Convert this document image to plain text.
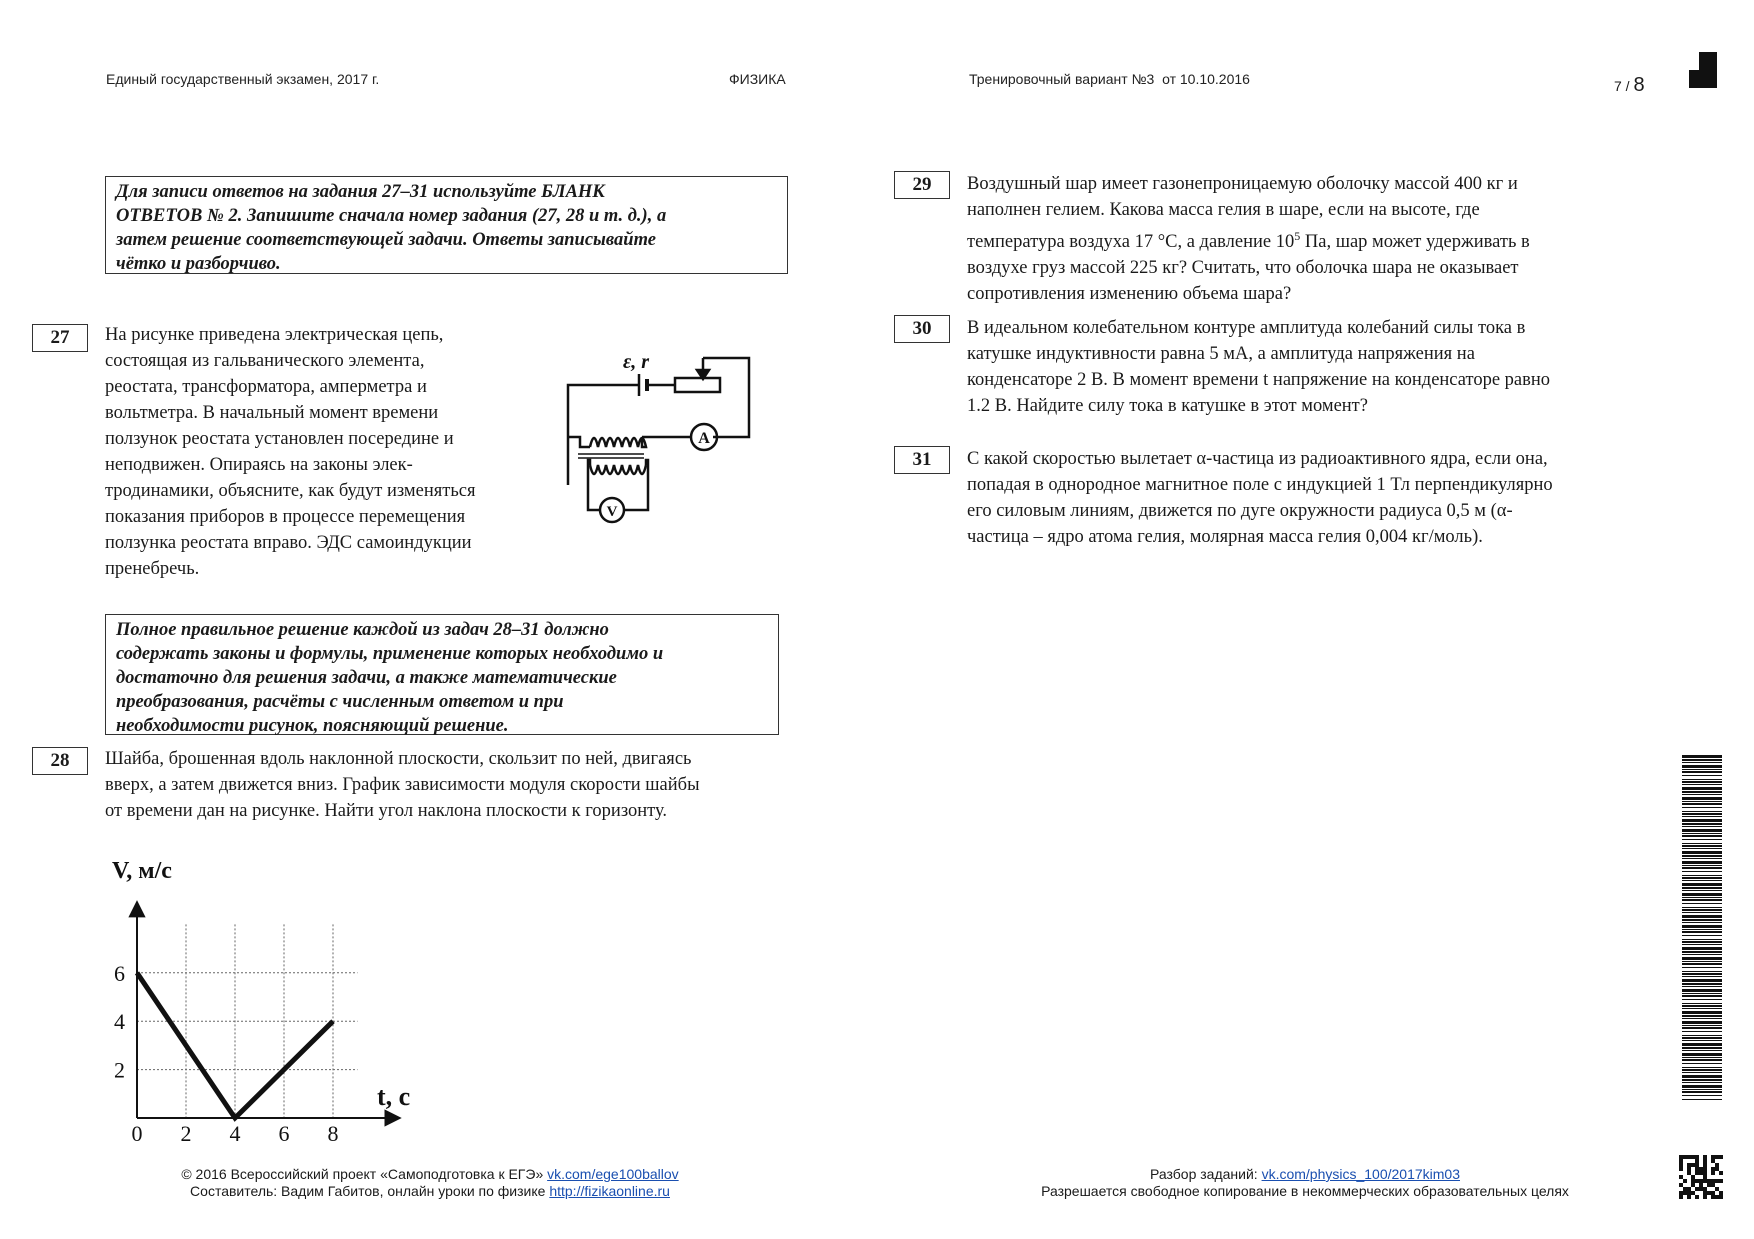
Единый государственный экзамен, 2017 г.	ФИЗИКА	Тренировочный вариант №3  от 10.10.2016	7 / 8
Для записи ответов на задания 27–31 используйте БЛАНК
ОТВЕТОВ № 2. Запишите сначала номер задания (27, 28 и т. д.), а
затем решение соответствующей задачи. Ответы записывайте
чётко и разборчиво.
27	На рисунке приведена электрическая цепь,
состоящая из гальванического элемента,
реостата, трансформатора, амперметра и
вольтметра. В начальный момент времени
ползунок реостата установлен посередине и
неподвижен. Опираясь на законы элек-
тродинамики, объясните, как будут изменяться
показания приборов в процессе перемещения
ползунка реостата вправо. ЭДС самоиндукции
пренебречь.
ε, r
A
V
Полное правильное решение каждой из задач 28–31 должно
содержать законы и формулы, применение которых необходимо и
достаточно для решения задачи, а также математические
преобразования, расчёты с численным ответом и при
необходимости рисунок, поясняющий решение.
28	Шайба, брошенная вдоль наклонной плоскости, скользит по ней, двигаясь
вверх, а затем движется вниз. График зависимости модуля скорости шайбы
от времени дан на рисунке. Найти угол наклона плоскости к горизонту.
0 2 4 6 8
2
4
6
V, м/с
t, с
29	Воздушный шар имеет газонепроницаемую оболочку массой 400 кг и
наполнен гелием. Какова масса гелия в шаре, если на высоте, где
температура воздуха 17 °C, а давление $10^5$ Па, шар может удерживать в
воздухе груз массой 225 кг? Считать, что оболочка шара не оказывает
сопротивления изменению объема шара?
30	В идеальном колебательном контуре амплитуда колебаний силы тока в
катушке индуктивности равна 5 мА, а амплитуда напряжения на
конденсаторе 2 В. В момент времени t напряжение на конденсаторе равно
1.2 В. Найдите силу тока в катушке в этот момент?
31	С какой скоростью вылетает α-частица из радиоактивного ядра, если она,
попадая в однородное магнитное поле с индукцией 1 Тл перпендикулярно
его силовым линиям, движется по дуге окружности радиуса 0,5 м (α-
частица – ядро атома гелия, молярная масса гелия 0,004 кг/моль).
© 2016 Всероссийский проект «Самоподготовка к ЕГЭ» vk.com/ege100ballov
Составитель: Вадим Габитов, онлайн уроки по физике http://fizikaonline.ru
Разбор заданий: vk.com/physics_100/2017kim03
Разрешается свободное копирование в некоммерческих образовательных целях
